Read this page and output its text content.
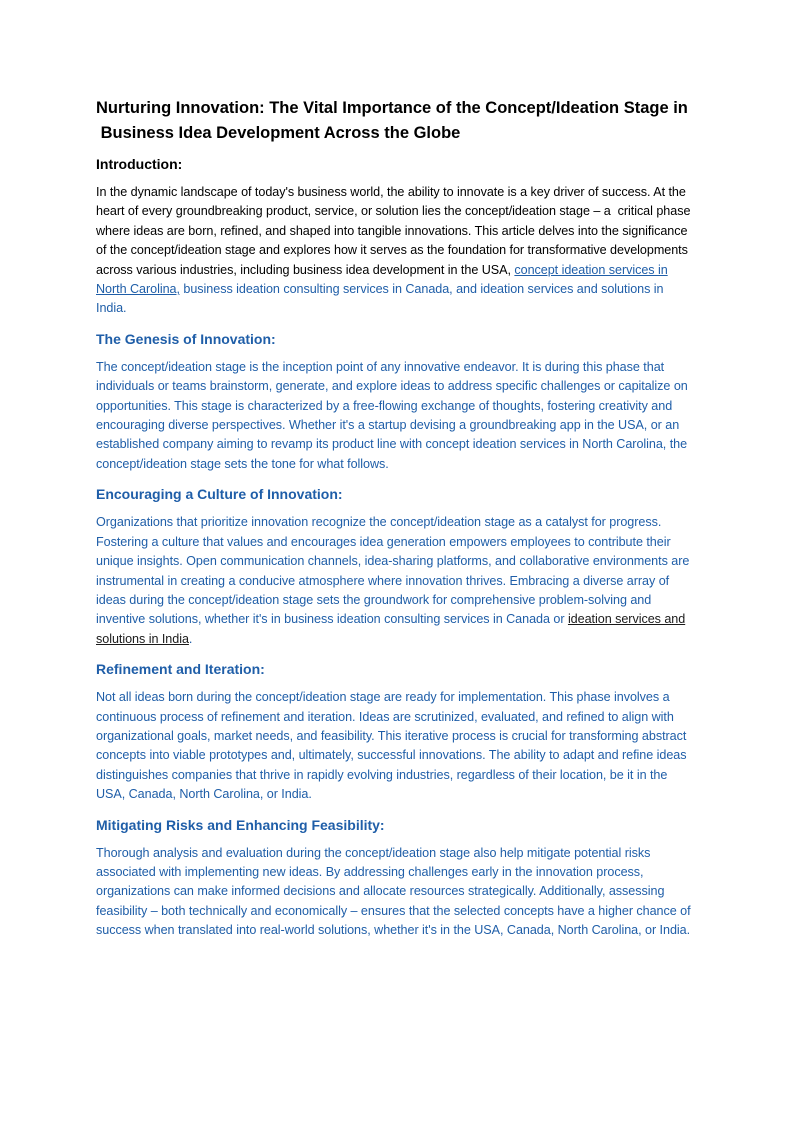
Nurturing Innovation: The Vital Importance of the Concept/Ideation Stage in  Business Idea Development Across the Globe
Introduction:

In the dynamic landscape of today's business world, the ability to innovate is a key driver of success. At the heart of every groundbreaking product, service, or solution lies the concept/ideation stage – a  critical phase where ideas are born, refined, and shaped into tangible innovations. This article delves into the significance of the concept/ideation stage and explores how it serves as the foundation for transformative developments across various industries, including business idea development in the USA, concept ideation services in North Carolina, business ideation consulting services in Canada, and ideation services and solutions in India.

The Genesis of Innovation:

The concept/ideation stage is the inception point of any innovative endeavor. It is during this phase that individuals or teams brainstorm, generate, and explore ideas to address specific challenges or capitalize on opportunities. This stage is characterized by a free-flowing exchange of thoughts, fostering creativity and encouraging diverse perspectives. Whether it's a startup devising a groundbreaking app in the USA, or an established company aiming to revamp its product line with concept ideation services in North Carolina, the concept/ideation stage sets the tone for what follows.

Encouraging a Culture of Innovation:

Organizations that prioritize innovation recognize the concept/ideation stage as a catalyst for progress. Fostering a culture that values and encourages idea generation empowers employees to contribute their unique insights. Open communication channels, idea-sharing platforms, and collaborative environments are instrumental in creating a conducive atmosphere where innovation thrives. Embracing a diverse array of ideas during the concept/ideation stage sets the groundwork for comprehensive problem-solving and inventive solutions, whether it's in business ideation consulting services in Canada or ideation services and solutions in India.

Refinement and Iteration:

Not all ideas born during the concept/ideation stage are ready for implementation. This phase involves a continuous process of refinement and iteration. Ideas are scrutinized, evaluated, and refined to align with organizational goals, market needs, and feasibility. This iterative process is crucial for transforming abstract concepts into viable prototypes and, ultimately, successful innovations. The ability to adapt and refine ideas distinguishes companies that thrive in rapidly evolving industries, regardless of their location, be it in the USA, Canada, North Carolina, or India.

Mitigating Risks and Enhancing Feasibility:

Thorough analysis and evaluation during the concept/ideation stage also help mitigate potential risks associated with implementing new ideas. By addressing challenges early in the innovation process, organizations can make informed decisions and allocate resources strategically. Additionally, assessing feasibility – both technically and economically – ensures that the selected concepts have a higher chance of success when translated into real-world solutions, whether it's in the USA, Canada, North Carolina, or India.
